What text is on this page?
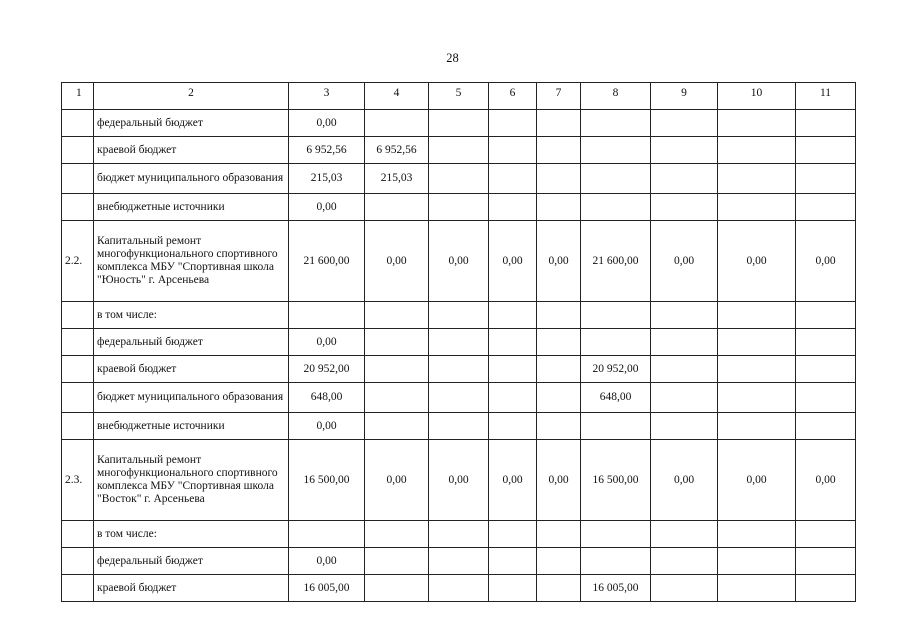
28
1	2	3	4	5	6	7	8	9	10	11
	федеральный бюджет	0,00								
	краевой бюджет	6 952,56	6 952,56							
	бюджет муниципального образования	215,03	215,03							
	внебюджетные источники	0,00								
2.2.	Капитальный ремонт многофункционального спортивного комплекса МБУ "Спортивная школа "Юность" г. Арсеньева	21 600,00	0,00	0,00	0,00	0,00	21 600,00	0,00	0,00	0,00
	в том числе:									
	федеральный бюджет	0,00								
	краевой бюджет	20 952,00					20 952,00			
	бюджет муниципального образования	648,00					648,00			
	внебюджетные источники	0,00								
2.3.	Капитальный ремонт многофункционального спортивного комплекса МБУ "Спортивная школа "Восток" г. Арсеньева	16 500,00	0,00	0,00	0,00	0,00	16 500,00	0,00	0,00	0,00
	в том числе:									
	федеральный бюджет	0,00								
	краевой бюджет	16 005,00					16 005,00			
